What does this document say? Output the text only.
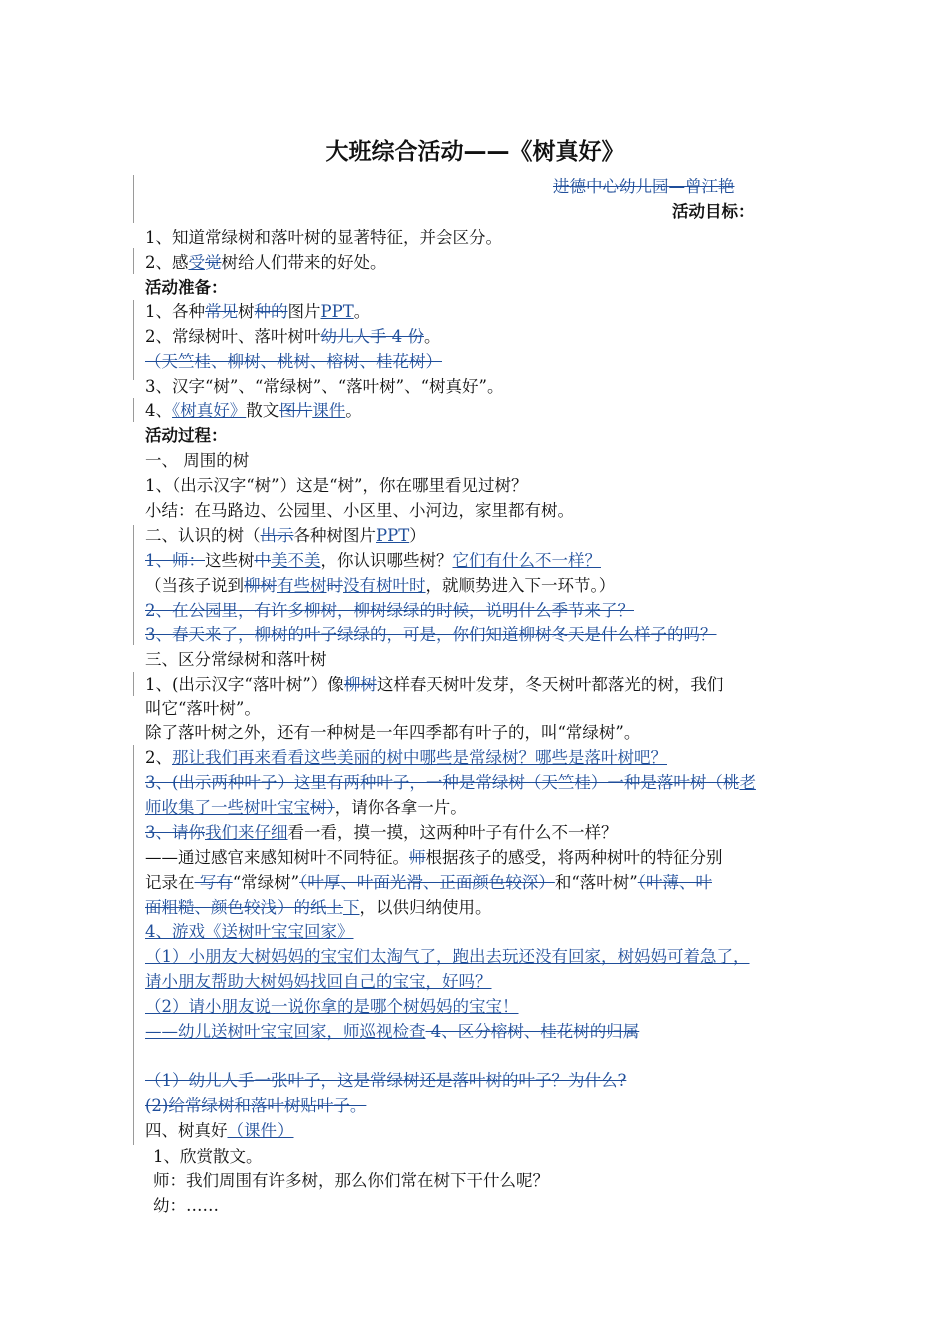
大班综合活动——《树真好》
进德中心幼儿园—曾江艳
活动目标：
1、知道常绿树和落叶树的显著特征，并会区分。
2、感受觉树给人们带来的好处。
活动准备：
1、各种常见树种的图片PPT。
2、常绿树叶、落叶树叶幼儿人手 4 份。
（天竺桂、柳树、桃树、榕树、桂花树）
3、汉字“树”、“常绿树”、“落叶树”、“树真好”。
4、《树真好》散文图片课件。
活动过程：
一、 周围的树
1、（出示汉字“树”）这是“树”，你在哪里看见过树？
小结：在马路边、公园里、小区里、小河边，家里都有树。
二、认识的树（出示各种树图片PPT）
1、师：这些树中美不美，你认识哪些树？它们有什么不一样？
（当孩子说到柳树有些树时没有树叶时，就顺势进入下一环节。）
2、在公园里，有许多柳树，柳树绿绿的时候，说明什么季节来了？
3、春天来了，柳树的叶子绿绿的，可是，你们知道柳树冬天是什么样子的吗？
三、区分常绿树和落叶树
1、(出示汉字“落叶树”）像柳树这样春天树叶发芽，冬天树叶都落光的树，我们
叫它“落叶树”。
除了落叶树之外，还有一种树是一年四季都有叶子的，叫“常绿树”。
2、那让我们再来看看这些美丽的树中哪些是常绿树？哪些是落叶树吧？
3、(出示两种叶子）这里有两种叶子，一种是常绿树（天竺桂）一种是落叶树（桃老
师收集了一些树叶宝宝树），请你各拿一片。
3、请你我们来仔细看一看，摸一摸，这两种叶子有什么不一样？
——通过感官来感知树叶不同特征。师根据孩子的感受，将两种树叶的特征分别
记录在 写有“常绿树”（叶厚、叶面光滑、正面颜色较深）和“落叶树”（叶薄、叶
面粗糙、颜色较浅）的纸上下，以供归纳使用。
4、游戏《送树叶宝宝回家》
（1）小朋友大树妈妈的宝宝们太淘气了，跑出去玩还没有回家，树妈妈可着急了，
请小朋友帮助大树妈妈找回自己的宝宝，好吗？
（2）请小朋友说一说你拿的是哪个树妈妈的宝宝！
——幼儿送树叶宝宝回家，师巡视检查 4、区分榕树、桂花树的归属
（1）幼儿人手一张叶子，这是常绿树还是落叶树的叶子？为什么?
(2)给常绿树和落叶树贴叶子。
四、树真好（课件）
1、欣赏散文。
师：我们周围有许多树，那么你们常在树下干什么呢？
幼：……
